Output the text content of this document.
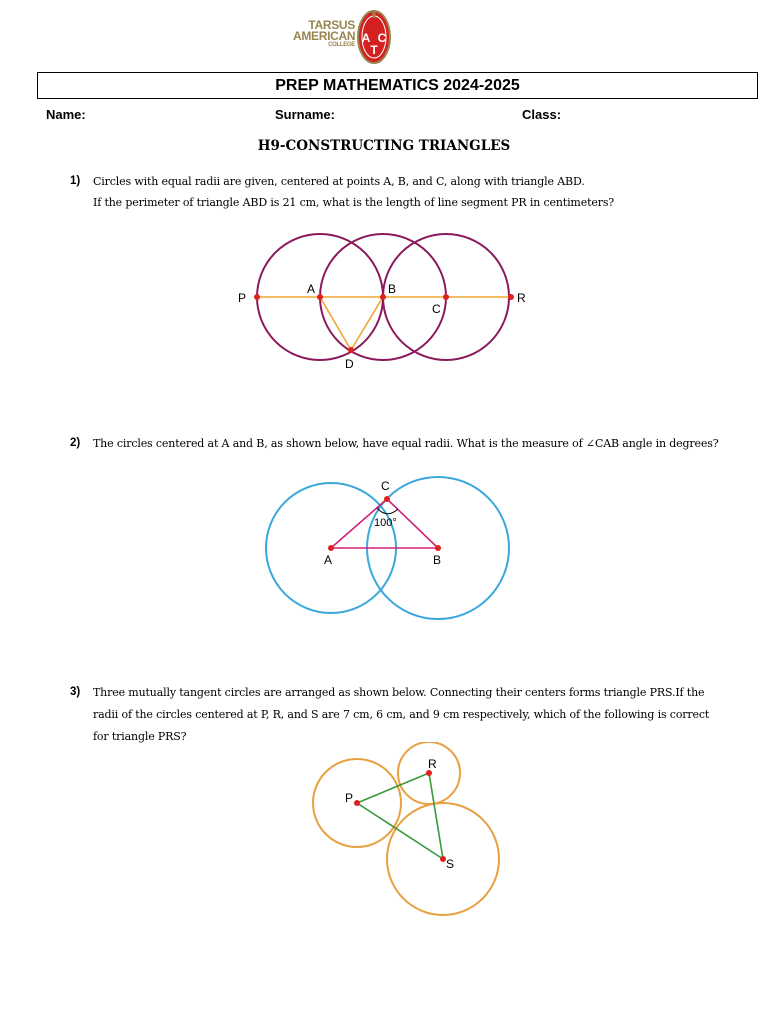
TARSUS
AMERICAN
COLLEGE A C
T
PREP MATHEMATICS 2024-2025
Name:	Surname:	Class:
H9-CONSTRUCTING TRIANGLES
1) Circles with equal radii are given, centered at points A, B, and C, along with triangle ABD.
If the perimeter of triangle ABD is 21 cm, what is the length of line segment PR in centimeters?
P
A	B
C
R
D
2) The circles centered at A and B, as shown below, have equal radii. What is the measure of ∠CAB angle in degrees?
C
A	B
100°
3) Three mutually tangent circles are arranged as shown below. Connecting their centers forms triangle PRS.If the
radii of the circles centered at P, R, and S are 7 cm, 6 cm, and 9 cm respectively, which of the following is correct
for triangle PRS?
P
R
S
